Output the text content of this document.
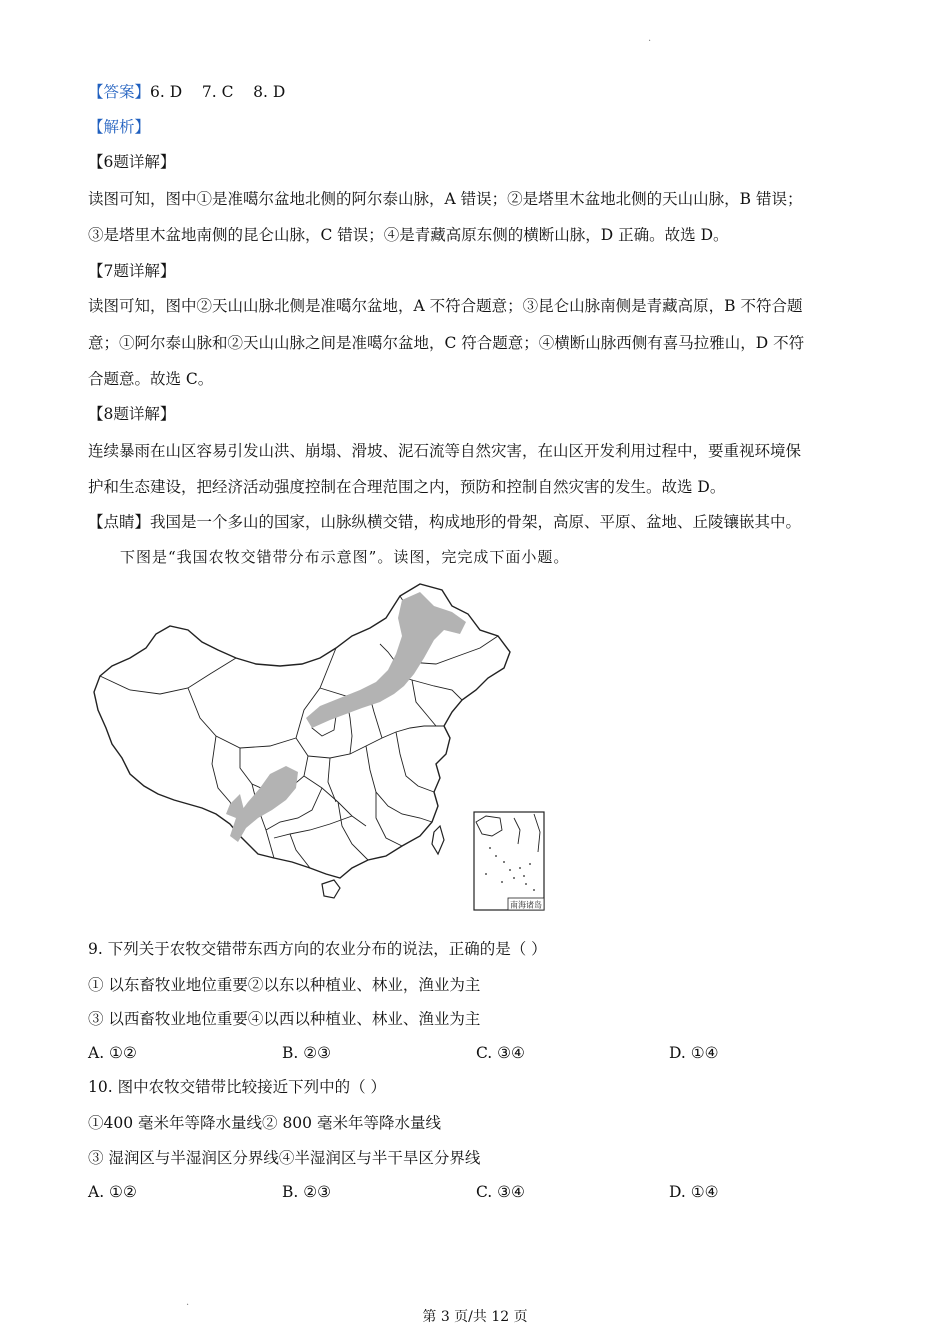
·
【答案】6. D    7. C    8. D
【解析】
【6题详解】
读图可知，图中①是准噶尔盆地北侧的阿尔泰山脉，A 错误；②是塔里木盆地北侧的天山山脉，B 错误；
③是塔里木盆地南侧的昆仑山脉，C 错误；④是青藏高原东侧的横断山脉，D 正确。故选 D。
【7题详解】
读图可知，图中②天山山脉北侧是准噶尔盆地，A 不符合题意；③昆仑山脉南侧是青藏高原，B 不符合题
意；①阿尔泰山脉和②天山山脉之间是准噶尔盆地，C 符合题意；④横断山脉西侧有喜马拉雅山，D 不符
合题意。故选 C。
【8题详解】
连续暴雨在山区容易引发山洪、崩塌、滑坡、泥石流等自然灾害，在山区开发利用过程中，要重视环境保
护和生态建设，把经济活动强度控制在合理范围之内，预防和控制自然灾害的发生。故选 D。
【点睛】我国是一个多山的国家，山脉纵横交错，构成地形的骨架，高原、平原、盆地、丘陵镶嵌其中。
下图是“我国农牧交错带分布示意图”。读图，完完成下面小题。
南海诸岛
9. 下列关于农牧交错带东西方向的农业分布的说法，正确的是（ ）
① 以东畜牧业地位重要②以东以种植业、林业，渔业为主
③ 以西畜牧业地位重要④以西以种植业、林业、渔业为主
A. ①②	B. ②③	C. ③④	D. ①④
10. 图中农牧交错带比较接近下列中的（ ）
①400 毫米年等降水量线② 800 毫米年等降水量线
③ 湿润区与半湿润区分界线④半湿润区与半干旱区分界线
A. ①②	B. ②③	C. ③④	D. ①④
·
第 3 页/共 12 页
